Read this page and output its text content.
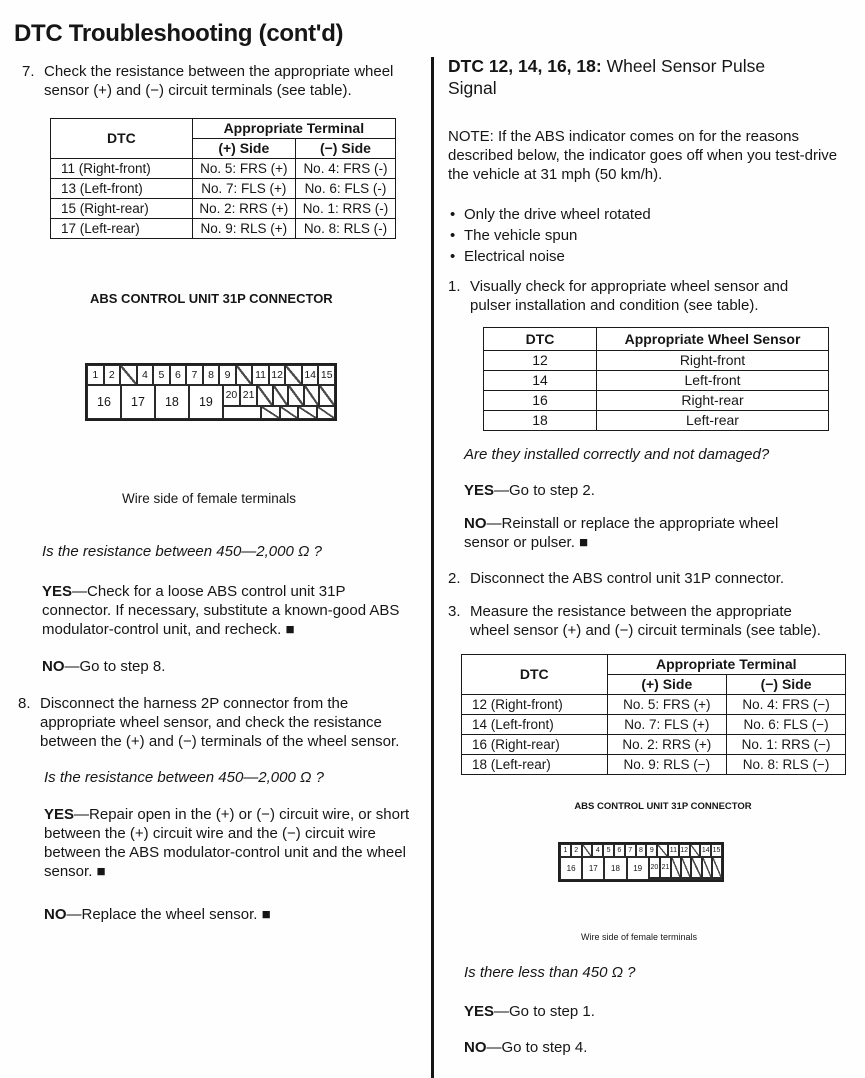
DTC Troubleshooting (cont'd)
7. Check the resistance between the appropriate wheel sensor (+) and (−) circuit terminals (see table).
DTC	Appropriate Terminal	
	(+) Side	(−) Side
11 (Right-front)	No. 5: FRS (+)	No. 4: FRS (-)
13 (Left-front)	No. 7: FLS (+)	No. 6: FLS (-)
15 (Right-rear)	No. 2: RRS (+)	No. 1: RRS (-)
17 (Left-rear)	No. 9: RLS (+)	No. 8: RLS (-)

ABS CONTROL UNIT 31P CONNECTOR

1	2	4	5	6	7	8	9	11 12 14 15
16	17	18	19	20 21

Wire side of female terminals

Is the resistance between 450—2,000 Ω ?

YES—Check for a loose ABS control unit 31P connector. If necessary, substitute a known-good ABS modulator-control unit, and recheck. ■

NO—Go to step 8.

8. Disconnect the harness 2P connector from the appropriate wheel sensor, and check the resistance between the (+) and (−) terminals of the wheel sensor.

Is the resistance between 450—2,000 Ω ?

YES—Repair open in the (+) or (−) circuit wire, or short between the (+) circuit wire and the (−) circuit wire between the ABS modulator-control unit and the wheel sensor. ■

NO—Replace the wheel sensor. ■

DTC 12, 14, 16, 18: Wheel Sensor Pulse Signal

NOTE: If the ABS indicator comes on for the reasons described below, the indicator goes off when you test-drive the vehicle at 31 mph (50 km/h).

• Only the drive wheel rotated
• The vehicle spun
• Electrical noise
1. Visually check for appropriate wheel sensor and pulser installation and condition (see table).
DTC	Appropriate Wheel Sensor
12	Right-front
14	Left-front
16	Right-rear
18	Left-rear

Are they installed correctly and not damaged?

YES—Go to step 2.

NO—Reinstall or replace the appropriate wheel sensor or pulser. ■

2. Disconnect the ABS control unit 31P connector.
3. Measure the resistance between the appropriate wheel sensor (+) and (−) circuit terminals (see table).
DTC	Appropriate Terminal	
	(+) Side	(−) Side
12 (Right-front)	No. 5: FRS (+)	No. 4: FRS (−)
14 (Left-front)	No. 7: FLS (+)	No. 6: FLS (−)
16 (Right-rear)	No. 2: RRS (+)	No. 1: RRS (−)
18 (Left-rear)	No. 9: RLS (−)	No. 8: RLS (−)

ABS CONTROL UNIT 31P CONNECTOR

1 2	4 5 6 7 8 9	11 12 14 15
16	17	18	19	20 21

Wire side of female terminals

Is there less than 450 Ω ?

YES—Go to step 1.

NO—Go to step 4.
